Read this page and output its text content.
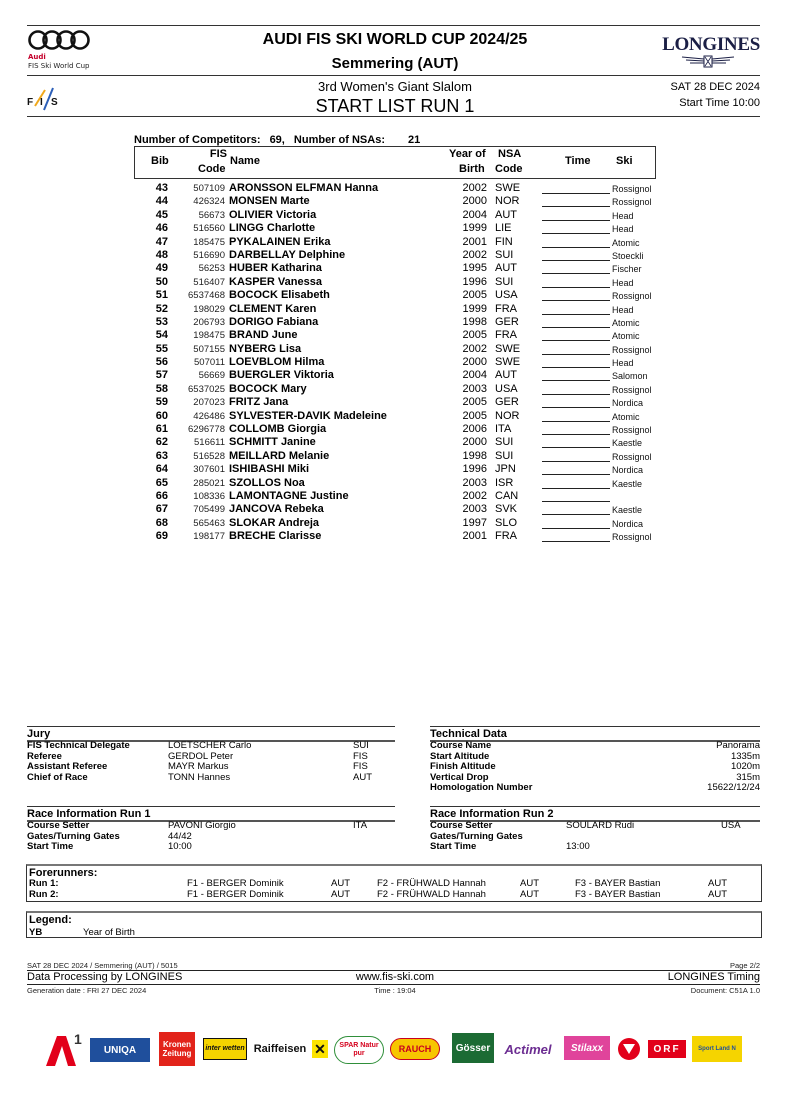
Audi
FIS Ski World Cup
F I S
AUDI FIS SKI WORLD CUP 2024/25
Semmering (AUT)
3rd Women's Giant Slalom
START LIST RUN 1
LONGINES
SAT 28 DEC 2024
Start Time 10:00
Number of Competitors: 69, Number of NSAs: 21
Bib
FIS
Code
Name
Year of
Birth
NSA
Code
Time Ski
43	507109 ARONSSON ELFMAN Hanna	2002 SWE	Rossignol
44	426324 MONSEN Marte	2000 NOR	Rossignol
45	56673 OLIVIER Victoria	2004 AUT	Head
46	516560 LINGG Charlotte	1999 LIE	Head
47	185475 PYKALAINEN Erika	2001 FIN	Atomic
48	516690 DARBELLAY Delphine	2002 SUI	Stoeckli
49	56253 HUBER Katharina	1995 AUT	Fischer
50	516407 KASPER Vanessa	1996 SUI	Head
51	6537468 BOCOCK Elisabeth	2005 USA	Rossignol
52	198029 CLEMENT Karen	1999 FRA	Head
53	206793 DORIGO Fabiana	1998 GER	Atomic
54	198475 BRAND June	2005 FRA	Atomic
55	507155 NYBERG Lisa	2002 SWE	Rossignol
56	507011 LOEVBLOM Hilma	2000 SWE	Head
57	56669 BUERGLER Viktoria	2004 AUT	Salomon
58	6537025 BOCOCK Mary	2003 USA	Rossignol
59	207023 FRITZ Jana	2005 GER	Nordica
60	426486 SYLVESTER-DAVIK Madeleine	2005 NOR	Atomic
61	6296778 COLLOMB Giorgia	2006 ITA	Rossignol
62	516611 SCHMITT Janine	2000 SUI	Kaestle
63	516528 MEILLARD Melanie	1998 SUI	Rossignol
64	307601 ISHIBASHI Miki	1996 JPN	Nordica
65	285021 SZOLLOS Noa	2003 ISR	Kaestle
66	108336 LAMONTAGNE Justine	2002 CAN
67	705499 JANCOVA Rebeka	2003 SVK	Kaestle
68	565463 SLOKAR Andreja	1997 SLO	Nordica
69	198177 BRECHE Clarisse	2001 FRA	Rossignol
Jury
FIS Technical Delegate	LOETSCHER Carlo	SUI
Referee	GERDOL Peter	FIS
Assistant Referee	MAYR Markus	FIS
Chief of Race	TONN Hannes	AUT
Technical Data
Course Name	Panorama
Start Altitude	1335m
Finish Altitude	1020m
Vertical Drop	315m
Homologation Number	15622/12/24
Race Information Run 1
Course Setter	PAVONI Giorgio	ITA
Gates/Turning Gates	44/42
Start Time	10:00
Race Information Run 2
Course Setter	SOULARD Rudi	USA
Gates/Turning Gates
Start Time	13:00
Forerunners:
Run 1:	F1 - BERGER Dominik	AUT	F2 - FRÜHWALD Hannah	AUT	F3 - BAYER Bastian	AUT
Run 2:	F1 - BERGER Dominik	AUT	F2 - FRÜHWALD Hannah	AUT	F3 - BAYER Bastian	AUT
Legend:
YB	Year of Birth
SAT 28 DEC 2024 / Semmering (AUT) / 5015	Page 2/2
Data Processing by LONGINES	www.fis-ski.com	LONGINES Timing
Generation date : FRI 27 DEC 2024	Time : 19:04	Document: C51A 1.0
1
UNIQA	Kronen Zeitung
inter wetten Raiffeisen ✕	SPAR Natur pur	RAUCH	Gösser	Actimel	Stilaxx	ORF	Sport Land N
